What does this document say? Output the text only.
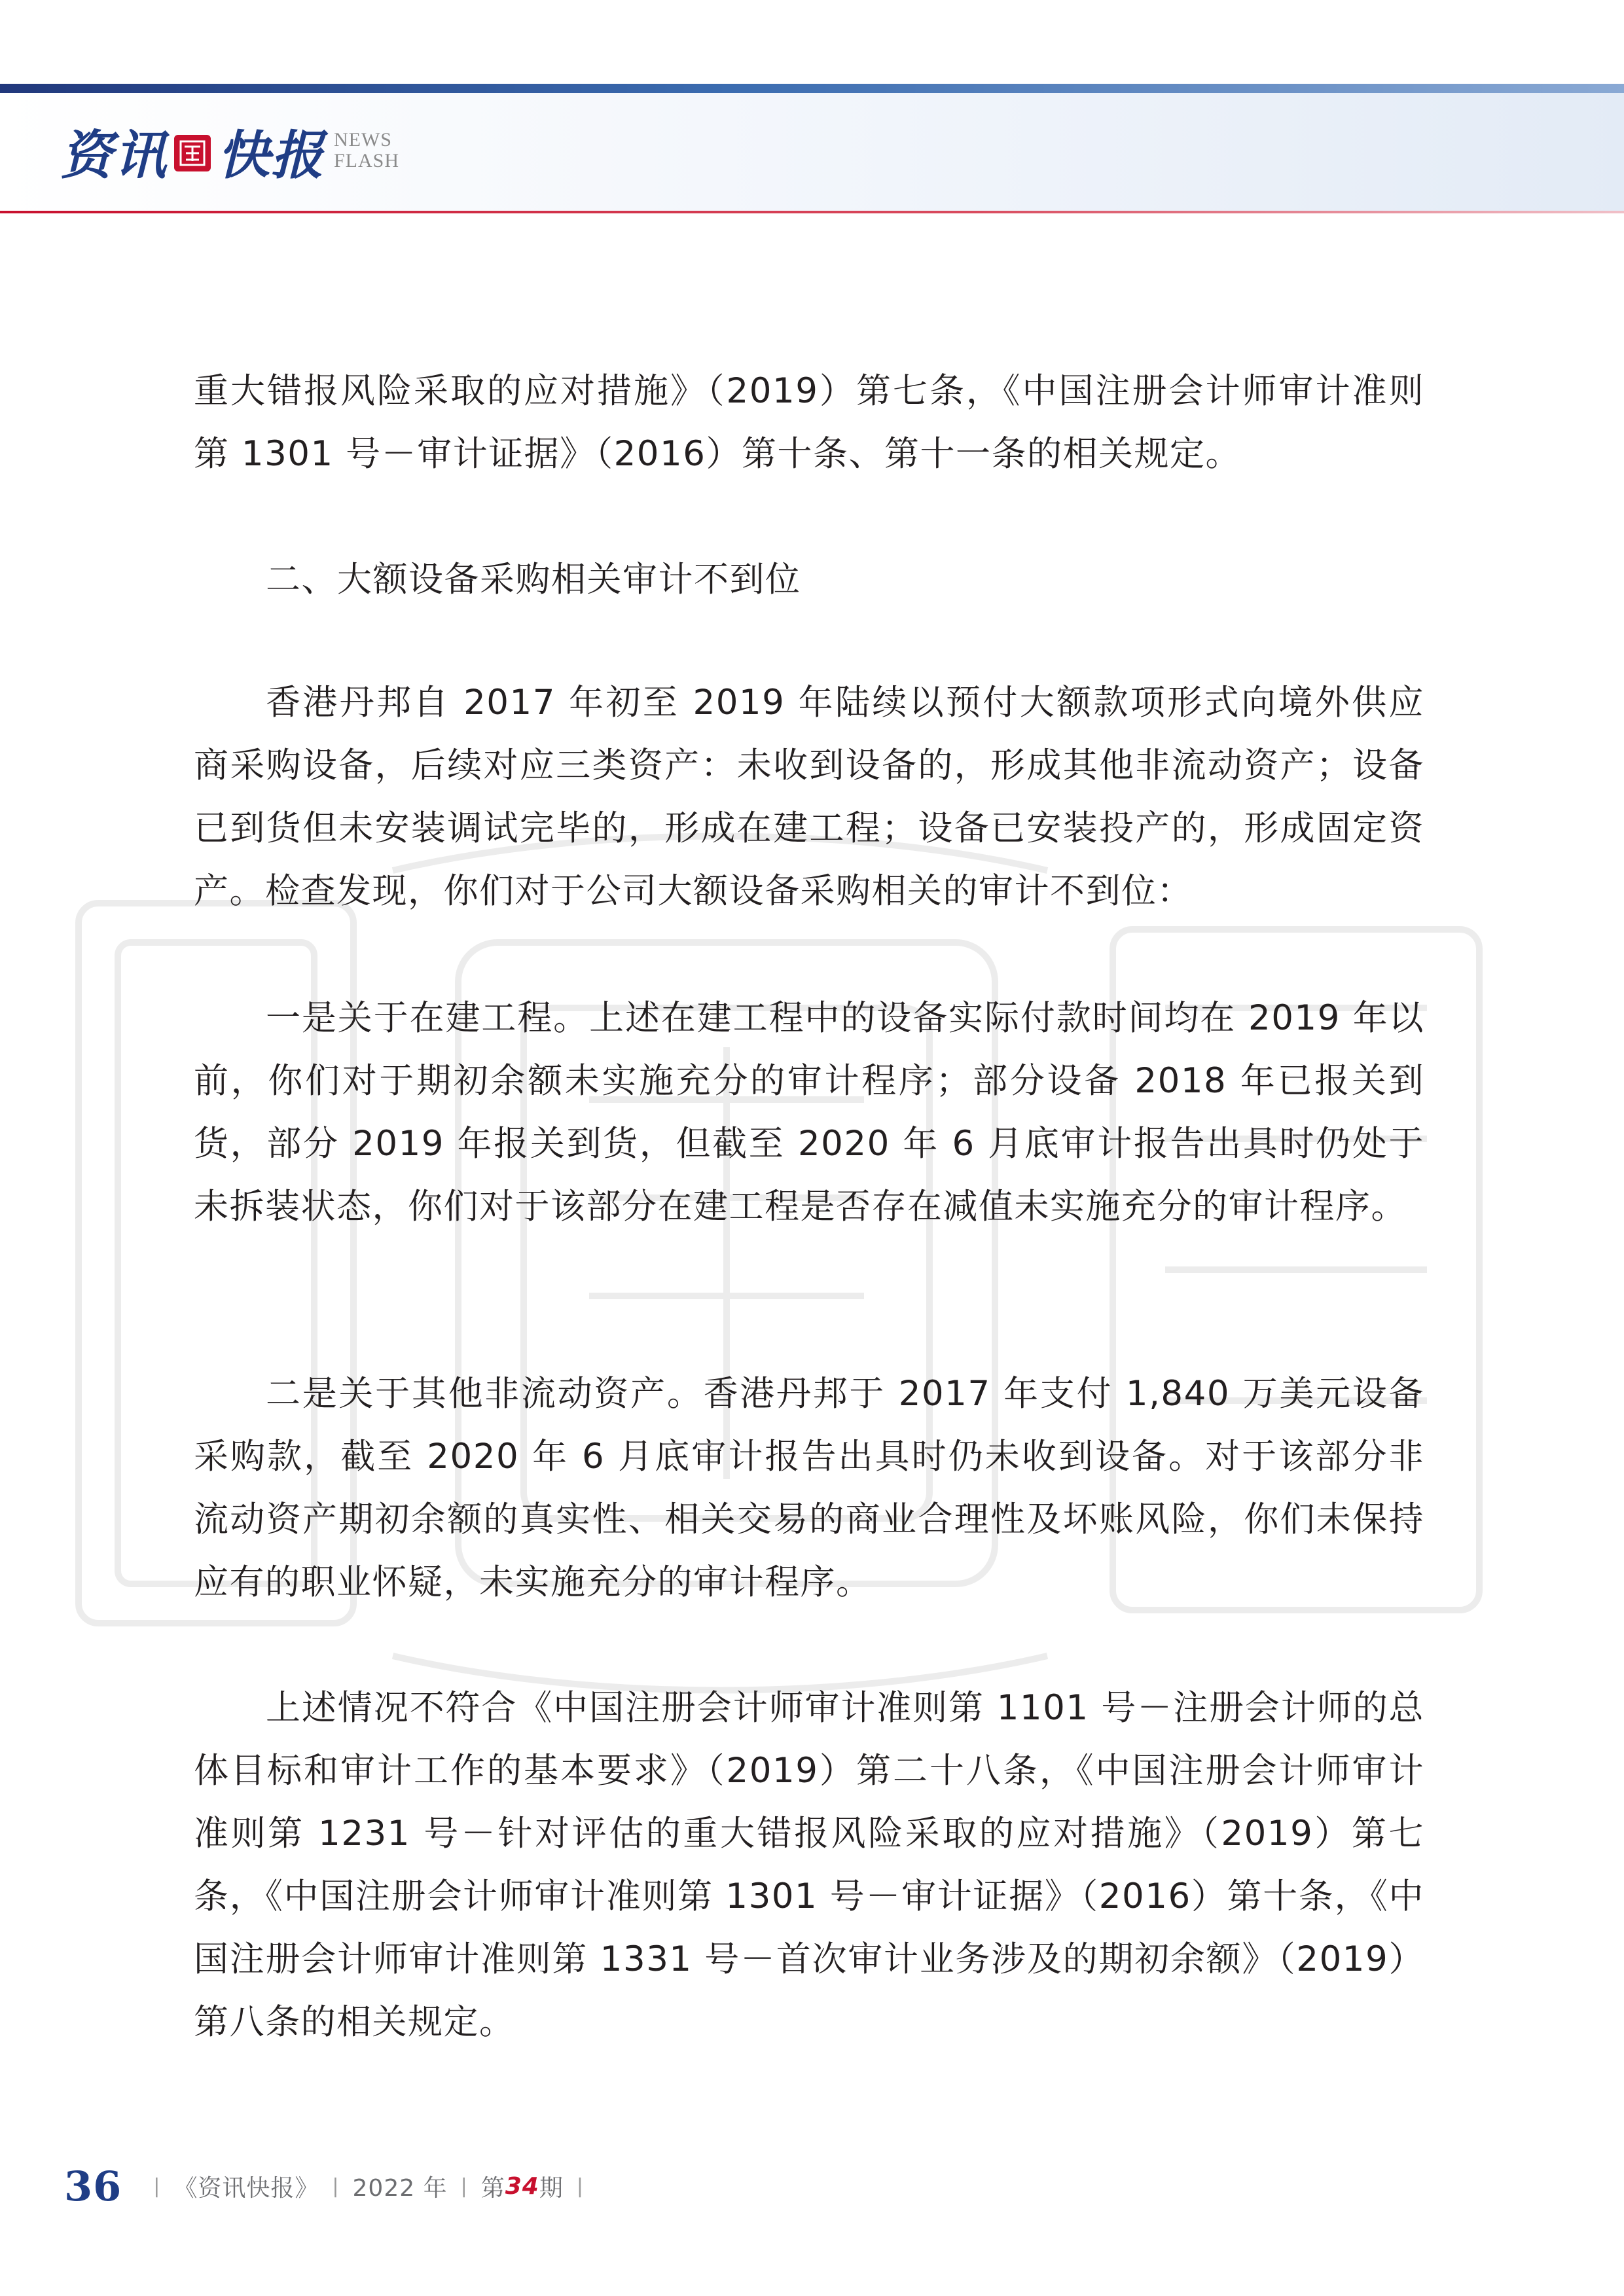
资讯 快报 NEWS
FLASH

重大错报风险采取的应对措施》（2019）第七条，《中国注册会计师审计准则第 1301 号－审计证据》（2016）第十条、第十一条的相关规定。

二、大额设备采购相关审计不到位

香港丹邦自 2017 年初至 2019 年陆续以预付大额款项形式向境外供应商采购设备，后续对应三类资产：未收到设备的，形成其他非流动资产；设备已到货但未安装调试完毕的，形成在建工程；设备已安装投产的，形成固定资产。检查发现，你们对于公司大额设备采购相关的审计不到位：

一是关于在建工程。上述在建工程中的设备实际付款时间均在 2019 年以前，你们对于期初余额未实施充分的审计程序；部分设备 2018 年已报关到货，部分 2019 年报关到货，但截至 2020 年 6 月底审计报告出具时仍处于未拆装状态，你们对于该部分在建工程是否存在减值未实施充分的审计程序。

二是关于其他非流动资产。香港丹邦于 2017 年支付 1,840 万美元设备采购款，截至 2020 年 6 月底审计报告出具时仍未收到设备。对于该部分非流动资产期初余额的真实性、相关交易的商业合理性及坏账风险，你们未保持应有的职业怀疑，未实施充分的审计程序。

上述情况不符合《中国注册会计师审计准则第 1101 号－注册会计师的总体目标和审计工作的基本要求》（2019）第二十八条，《中国注册会计师审计准则第 1231 号－针对评估的重大错报风险采取的应对措施》（2019）第七条，《中国注册会计师审计准则第 1301 号－审计证据》（2016）第十条，《中国注册会计师审计准则第 1331 号－首次审计业务涉及的期初余额》（2019）第八条的相关规定。

36 | 《资讯快报》 | 2022 年 | 第 34 期 |
